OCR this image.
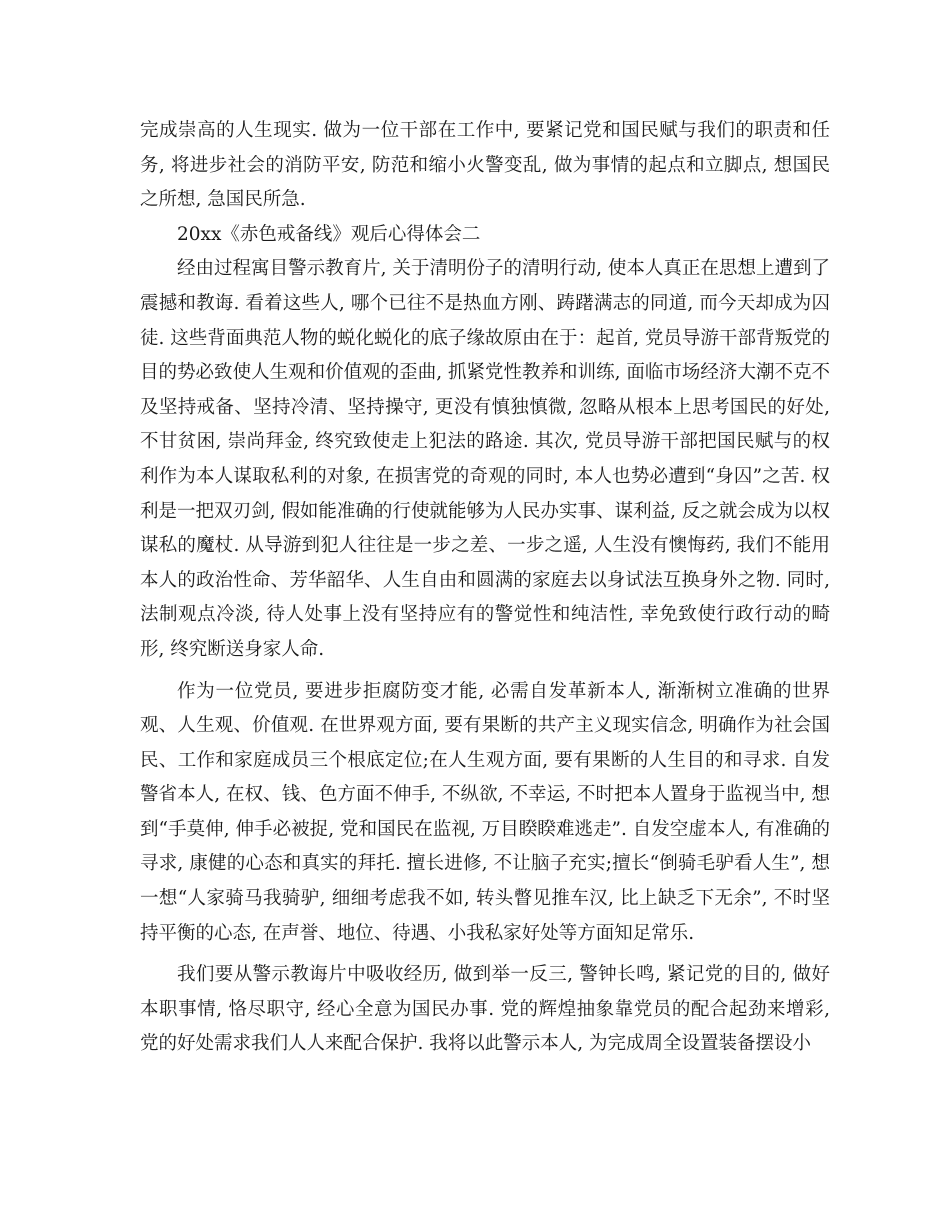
完成崇高的人生现实. 做为一位干部在工作中, 要紧记党和国民赋与我们的职责和任务, 将进步社会的消防平安, 防范和缩小火警变乱, 做为事情的起点和立脚点, 想国民之所想, 急国民所急.

20xx《赤色戒备线》观后心得体会二

经由过程寓目警示教育片, 关于清明份子的清明行动, 使本人真正在思想上遭到了震撼和教诲. 看着这些人, 哪个已往不是热血方刚、踌躇满志的同道, 而今天却成为囚徒. 这些背面典范人物的蜕化蜕化的底子缘故原由在于：起首, 党员导游干部背叛党的目的势必致使人生观和价值观的歪曲, 抓紧党性教养和训练, 面临市场经济大潮不克不及坚持戒备、坚持冷清、坚持操守, 更没有慎独慎微, 忽略从根本上思考国民的好处, 不甘贫困, 崇尚拜金, 终究致使走上犯法的路途. 其次, 党员导游干部把国民赋与的权利作为本人谋取私利的对象, 在损害党的奇观的同时, 本人也势必遭到“身囚”之苦. 权利是一把双刃剑, 假如能准确的行使就能够为人民办实事、谋利益, 反之就会成为以权谋私的魔杖. 从导游到犯人往往是一步之差、一步之遥, 人生没有懊悔药, 我们不能用本人的政治性命、芳华韶华、人生自由和圆满的家庭去以身试法互换身外之物. 同时, 法制观点冷淡, 待人处事上没有坚持应有的警觉性和纯洁性, 幸免致使行政行动的畸形, 终究断送身家人命.

作为一位党员, 要进步拒腐防变才能, 必需自发革新本人, 渐渐树立准确的世界观、人生观、价值观. 在世界观方面, 要有果断的共产主义现实信念, 明确作为社会国民、工作和家庭成员三个根底定位;在人生观方面, 要有果断的人生目的和寻求. 自发警省本人, 在权、钱、色方面不伸手, 不纵欲, 不幸运, 不时把本人置身于监视当中, 想到“手莫伸, 伸手必被捉, 党和国民在监视, 万目睽睽难逃走”. 自发空虚本人, 有准确的寻求, 康健的心态和真实的拜托. 擅长进修, 不让脑子充实;擅长“倒骑毛驴看人生”, 想一想“人家骑马我骑驴, 细细考虑我不如, 转头瞥见推车汉, 比上缺乏下无余”, 不时坚持平衡的心态, 在声誉、地位、待遇、小我私家好处等方面知足常乐.

我们要从警示教诲片中吸收经历, 做到举一反三, 警钟长鸣, 紧记党的目的, 做好本职事情, 恪尽职守, 经心全意为国民办事. 党的辉煌抽象靠党员的配合起劲来增彩, 党的好处需求我们人人来配合保护. 我将以此警示本人, 为完成周全设置装备摆设小
